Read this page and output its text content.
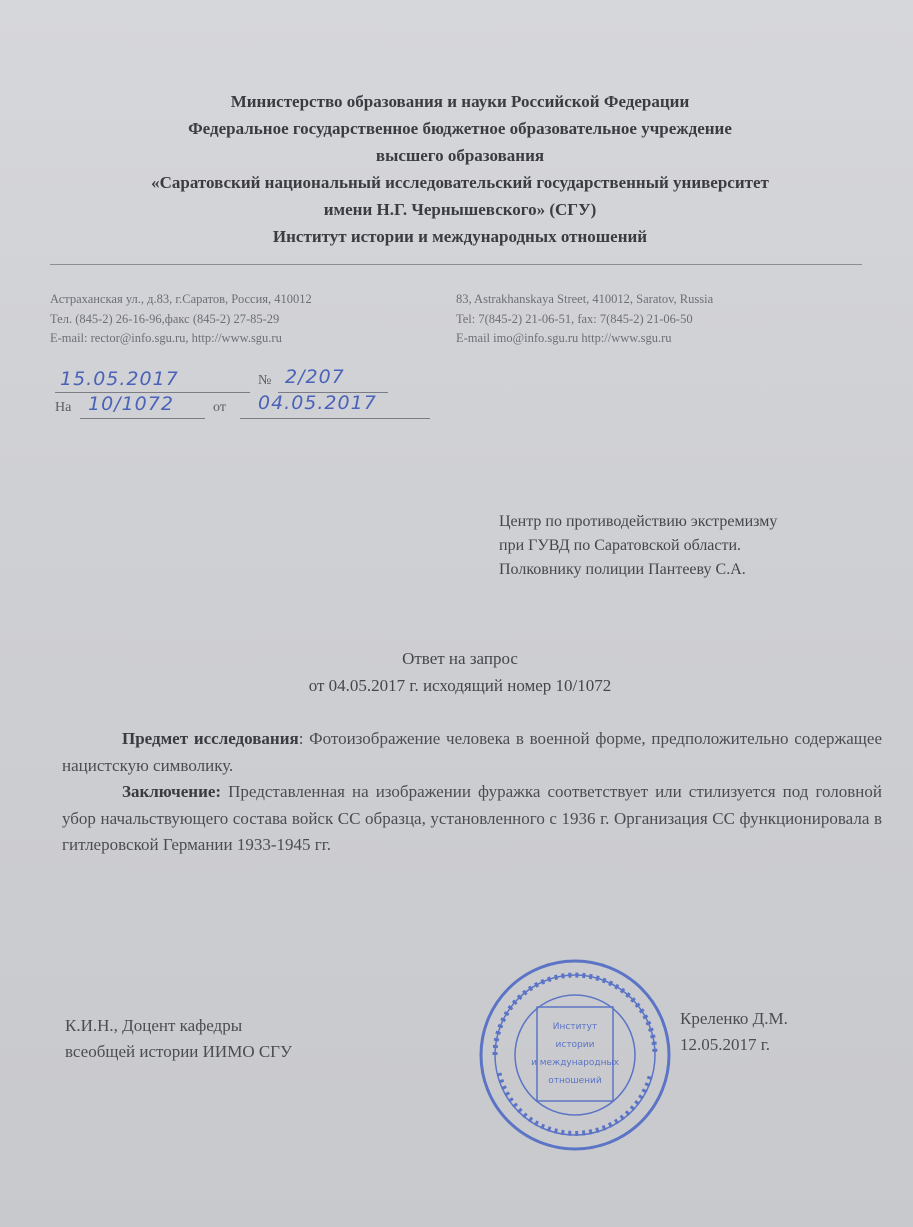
Министерство образования и науки Российской Федерации
Федеральное государственное бюджетное образовательное учреждение
высшего образования
«Саратовский национальный исследовательский государственный университет
имени Н.Г. Чернышевского» (СГУ)
Институт истории и международных отношений
Астраханская ул., д.83, г.Саратов, Россия, 410012
Тел. (845-2) 26-16-96,факс (845-2) 27-85-29
E-mail: rector@info.sgu.ru, http://www.sgu.ru
83, Astrakhanskaya Street, 410012, Saratov, Russia
Tel: 7(845-2) 21-06-51, fax: 7(845-2) 21-06-50
E-mail imo@info.sgu.ru http://www.sgu.ru
15.05.2017	№ 2/207
На 10/1072	от 04.05.2017
Центр по противодействию экстремизму
при ГУВД по Саратовской области.
Полковнику полиции Пантееву С.А.
Ответ на запрос
от 04.05.2017 г. исходящий номер 10/1072

Предмет исследования: Фотоизображение человека в военной форме, предположительно содержащее нацистскую символику.

Заключение: Представленная на изображении фуражка соответствует или стилизуется под головной убор начальствующего состава войск СС образца, установленного с 1936 г. Организация СС функционировала в гитлеровской Германии 1933-1945 гг.

Институт
истории
и международных
отношений
К.И.Н., Доцент кафедры
всеобщей истории ИИМО СГУ
Креленко Д.М.
12.05.2017 г.
